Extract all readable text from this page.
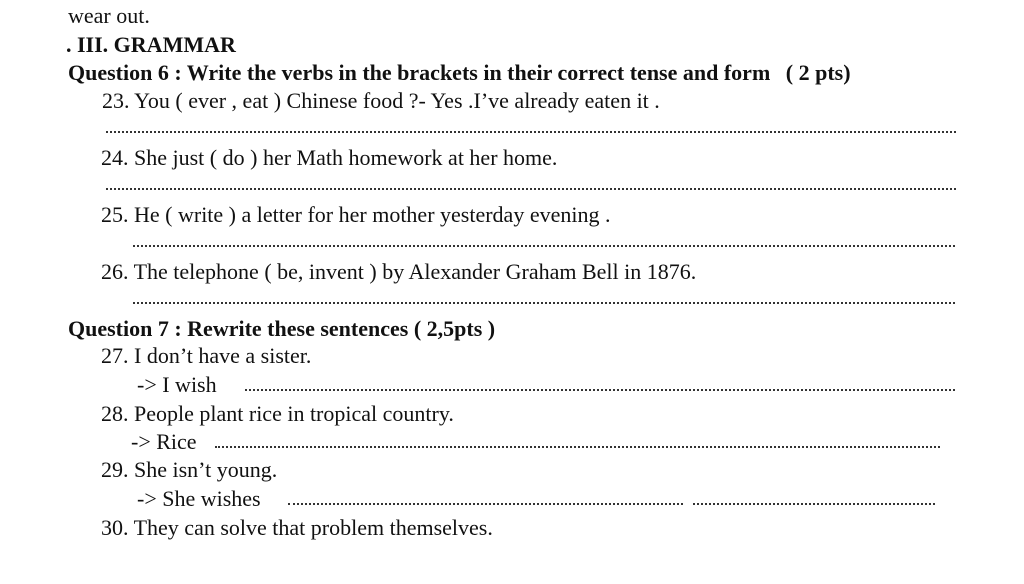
wear out.
. III. GRAMMAR
Question 6 : Write the verbs in the brackets in their correct tense and form ( 2 pts)
23. You ( ever , eat ) Chinese food ?- Yes .I’ve already eaten it .
24. She just ( do ) her Math homework at her home.
25. He ( write ) a letter for her mother yesterday evening .
26. The telephone ( be, invent ) by Alexander Graham Bell in 1876.
Question 7 : Rewrite these sentences ( 2,5pts )
27. I don’t have a sister.
-> I wish
28. People plant rice in tropical country.
-> Rice
29. She isn’t young.
-> She wishes
30. They can solve that problem themselves.
